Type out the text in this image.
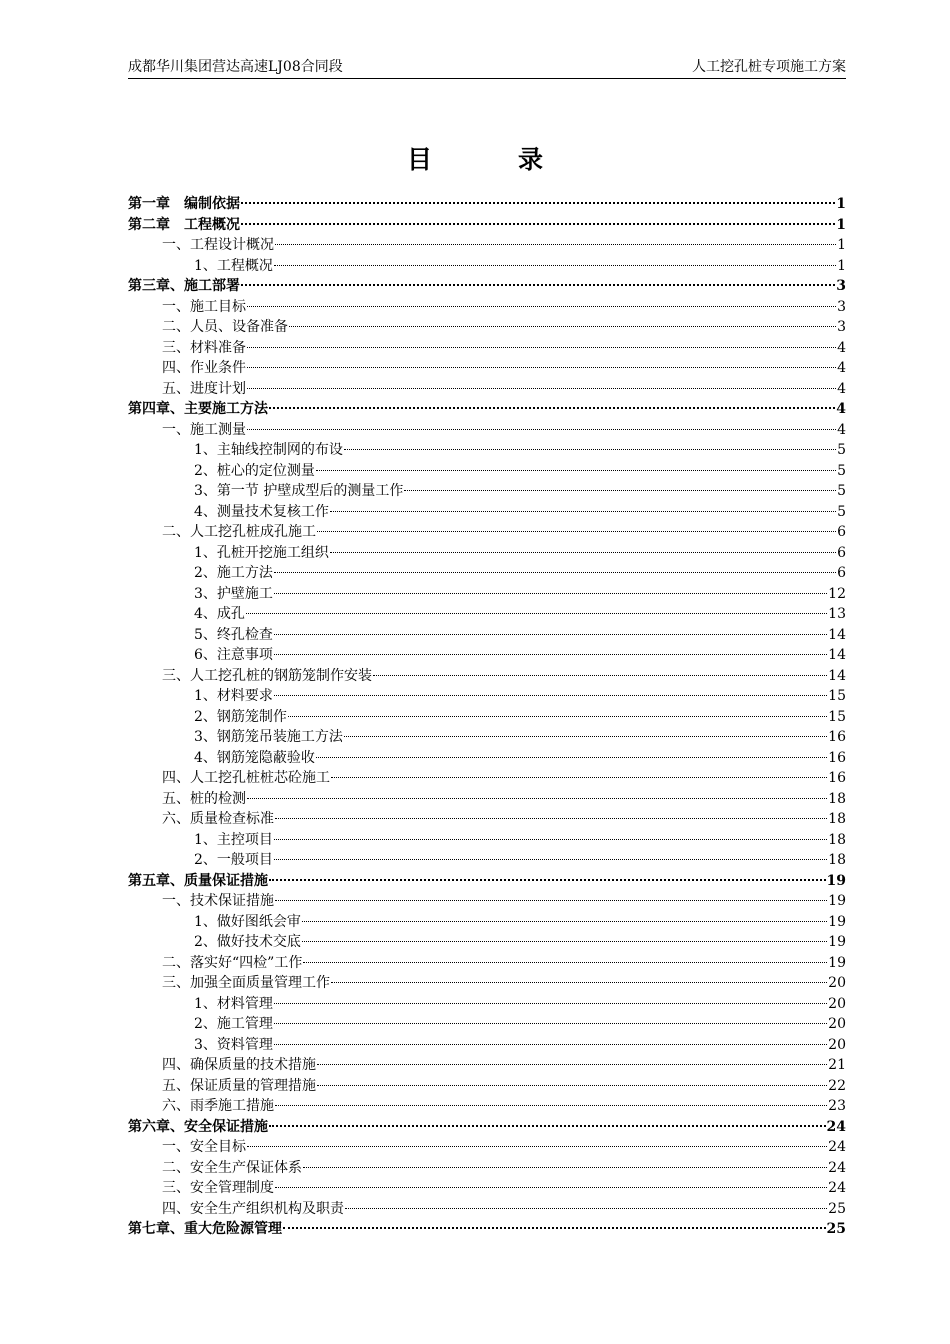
成都华川集团营达高速LJ08合同段	人工挖孔桩专项施工方案
目录
第一章　编制依据	1
第二章　工程概况	1
一、工程设计概况	1
1、工程概况	1
第三章、施工部署	3
一、施工目标	3
二、人员、设备准备	3
三、材料准备	4
四、作业条件	4
五、进度计划	4
第四章、主要施工方法	4
一、施工测量	4
1、主轴线控制网的布设	5
2、桩心的定位测量	5
3、第一节 护壁成型后的测量工作	5
4、测量技术复核工作	5
二、人工挖孔桩成孔施工	6
1、孔桩开挖施工组织	6
2、施工方法	6
3、护壁施工	12
4、成孔	13
5、终孔检查	14
6、注意事项	14
三、人工挖孔桩的钢筋笼制作安装	14
1、材料要求	15
2、钢筋笼制作	15
3、钢筋笼吊装施工方法	16
4、钢筋笼隐蔽验收	16
四、人工挖孔桩桩芯砼施工	16
五、桩的检测	18
六、质量检查标准	18
1、主控项目	18
2、一般项目	18
第五章、质量保证措施	19
一、技术保证措施	19
1、做好图纸会审	19
2、做好技术交底	19
二、落实好“四检”工作	19
三、加强全面质量管理工作	20
1、材料管理	20
2、施工管理	20
3、资料管理	20
四、确保质量的技术措施	21
五、保证质量的管理措施	22
六、雨季施工措施	23
第六章、安全保证措施	24
一、安全目标	24
二、安全生产保证体系	24
三、安全管理制度	24
四、安全生产组织机构及职责	25
第七章、重大危险源管理	25
